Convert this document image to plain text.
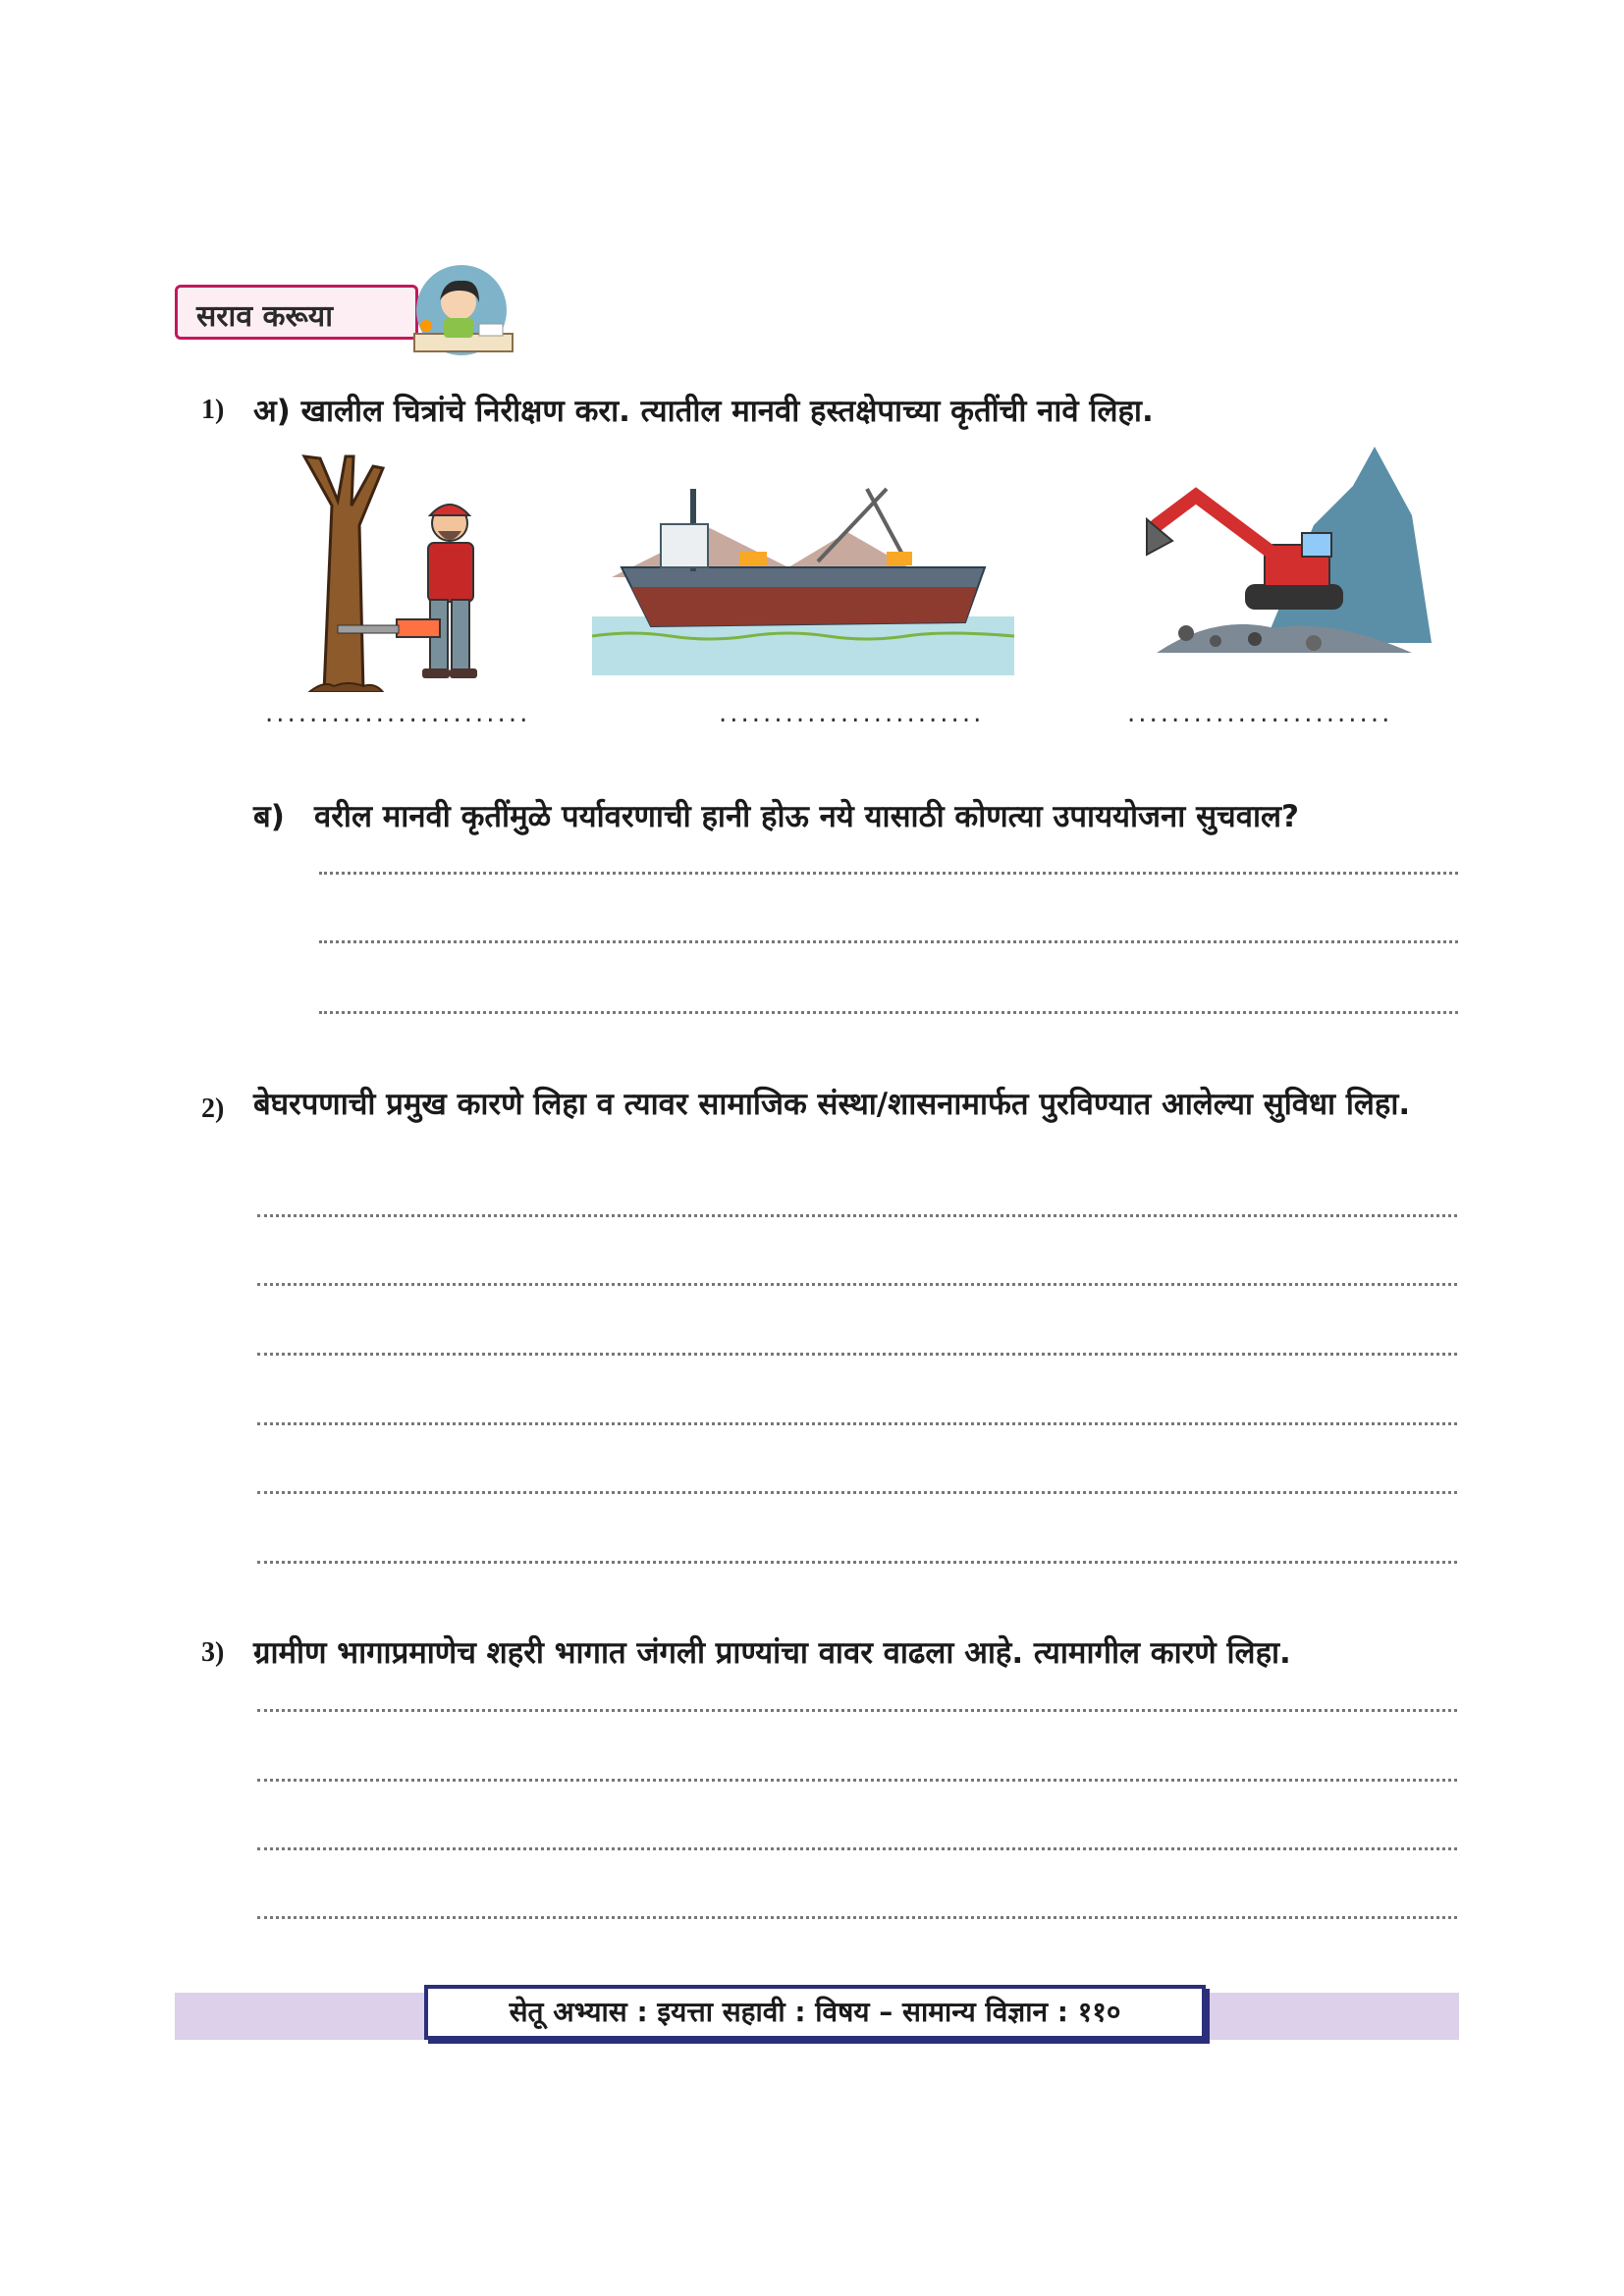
सराव करूया
1) अ) खालील चित्रांचे निरीक्षण करा. त्यातील मानवी हस्तक्षेपाच्या कृतींची नावे लिहा.
........................	........................	........................
ब) वरील मानवी कृतींमुळे पर्यावरणाची हानी होऊ नये यासाठी कोणत्या उपाययोजना सुचवाल?
2) बेघरपणाची प्रमुख कारणे लिहा व त्यावर सामाजिक संस्था/शासनामार्फत पुरविण्यात आलेल्या सुविधा लिहा.
3) ग्रामीण भागाप्रमाणेच शहरी भागात जंगली प्राण्यांचा वावर वाढला आहे. त्यामागील कारणे लिहा.
सेतू अभ्यास : इयत्ता सहावी : विषय – सामान्य विज्ञान : ११०
